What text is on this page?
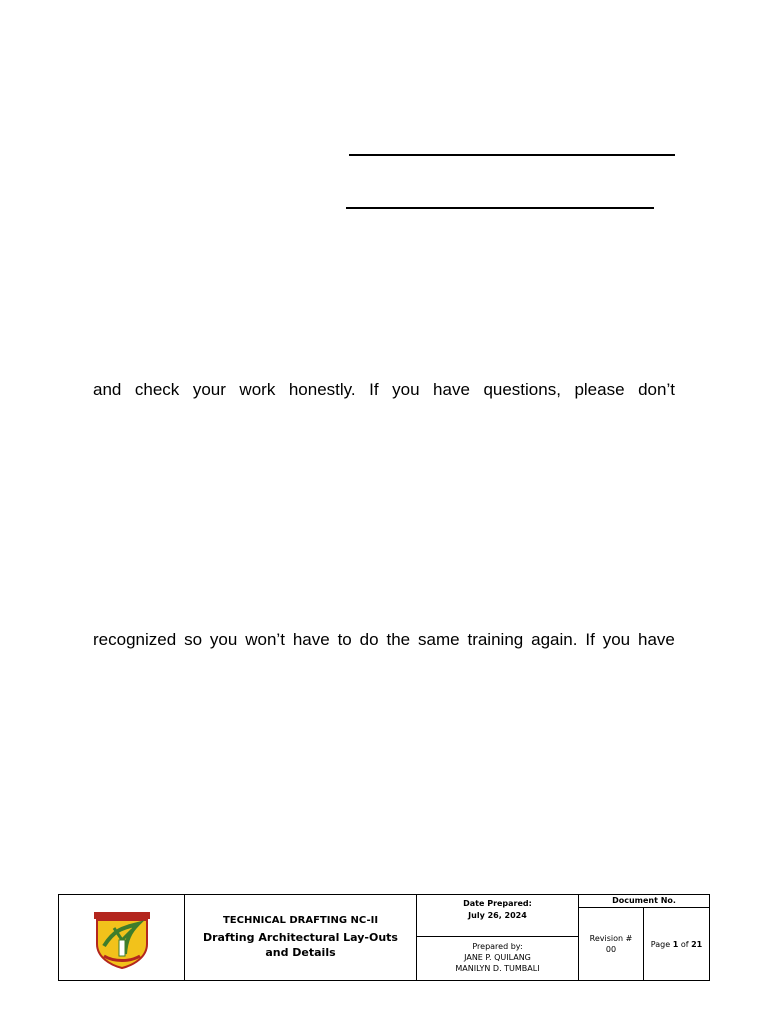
and check your work honestly. If you have questions, please don’t
recognized so you won’t have to do the same training again. If you have
TECHNICAL DRAFTING NC-II
Drafting Architectural Lay-Outs and Details
Date Prepared:
July 26, 2024
Prepared by:
JANE P. QUILANG
MANILYN D. TUMBALI
Document No.
Revision #
00
Page
1
of
21
